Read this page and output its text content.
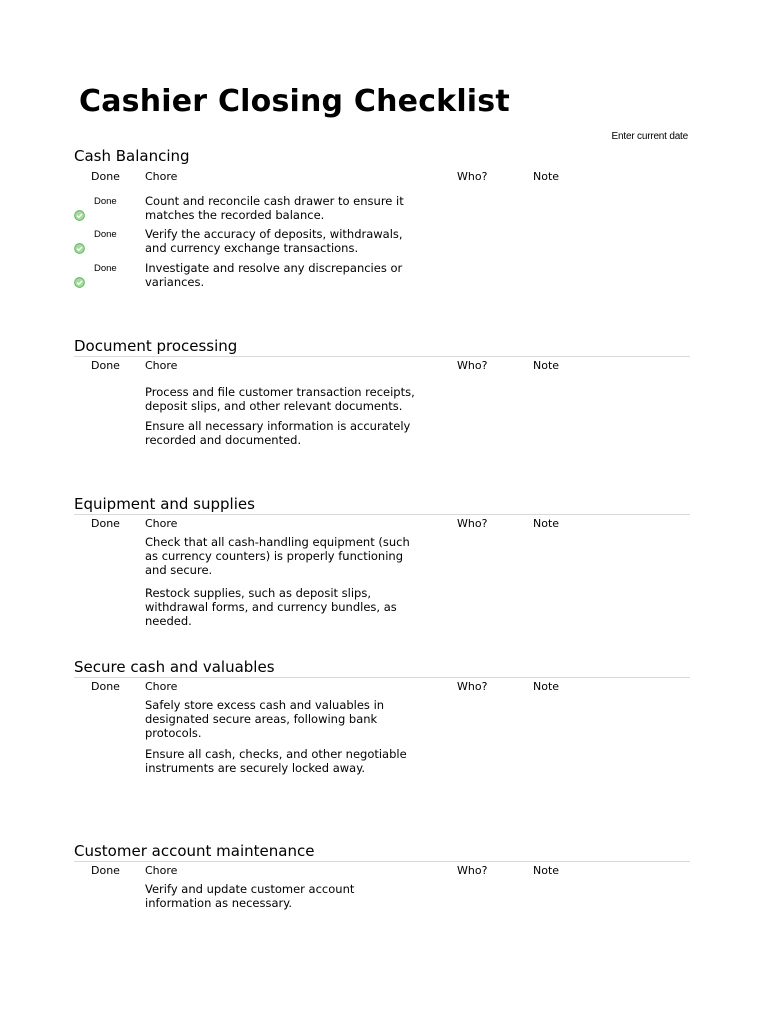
Cashier Closing Checklist
Enter current date
Cash Balancing
Done Chore	Who?	Note
Done Count and reconcile cash drawer to ensure it matches the recorded balance.
Done Verify the accuracy of deposits, withdrawals, and currency exchange transactions.
Done Investigate and resolve any discrepancies or variances.
Document processing
Done Chore	Who?	Note
Process and file customer transaction receipts, deposit slips, and other relevant documents.
Ensure all necessary information is accurately recorded and documented.
Equipment and supplies
Done Chore	Who?	Note
Check that all cash-handling equipment (such as currency counters) is properly functioning and secure.
Restock supplies, such as deposit slips, withdrawal forms, and currency bundles, as needed.
Secure cash and valuables
Done Chore	Who?	Note
Safely store excess cash and valuables in designated secure areas, following bank protocols.
Ensure all cash, checks, and other negotiable instruments are securely locked away.
Customer account maintenance
Done Chore	Who?	Note
Verify and update customer account information as necessary.
